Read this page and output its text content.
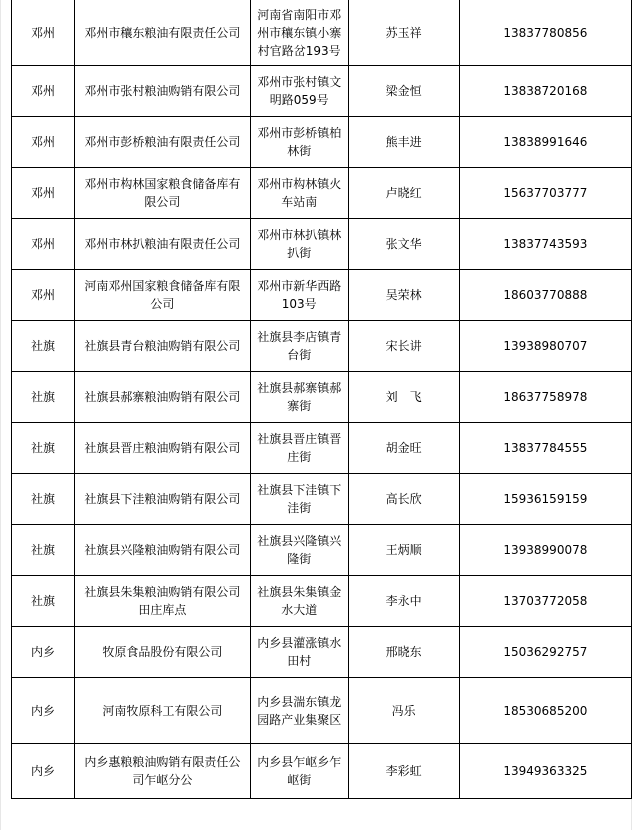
邓州	邓州市穰东粮油有限责任公司	河南省南阳市邓州市穰东镇小寨村官路岔193号	苏玉祥	13837780856
邓州	邓州市张村粮油购销有限公司	邓州市张村镇文明路059号	梁金恒	13838720168
邓州	邓州市彭桥粮油有限责任公司	邓州市彭桥镇柏林街	熊丰进	13838991646
邓州	邓州市构林国家粮食储备库有限公司	邓州市构林镇火车站南	卢晓红	15637703777
邓州	邓州市林扒粮油有限责任公司	邓州市林扒镇林扒街	张文华	13837743593
邓州	河南邓州国家粮食储备库有限公司	邓州市新华西路103号	吴荣林	18603770888
社旗	社旗县青台粮油购销有限公司	社旗县李店镇青台街	宋长讲	13938980707
社旗	社旗县郝寨粮油购销有限公司	社旗县郝寨镇郝寨街	刘　飞	18637758978
社旗	社旗县晋庄粮油购销有限公司	社旗县晋庄镇晋庄街	胡金旺	13837784555
社旗	社旗县下洼粮油购销有限公司	社旗县下洼镇下洼街	高长欣	15936159159
社旗	社旗县兴隆粮油购销有限公司	社旗县兴隆镇兴隆街	王炳顺	13938990078
社旗	社旗县朱集粮油购销有限公司田庄库点	社旗县朱集镇金水大道	李永中	13703772058
内乡	牧原食品股份有限公司	内乡县灌涨镇水田村	邢晓东	15036292757
内乡	河南牧原科工有限公司	内乡县湍东镇龙园路产业集聚区	冯乐	18530685200
内乡	内乡惠粮粮油购销有限责任公司乍岖分公	内乡县乍岖乡乍岖街	李彩虹	13949363325
